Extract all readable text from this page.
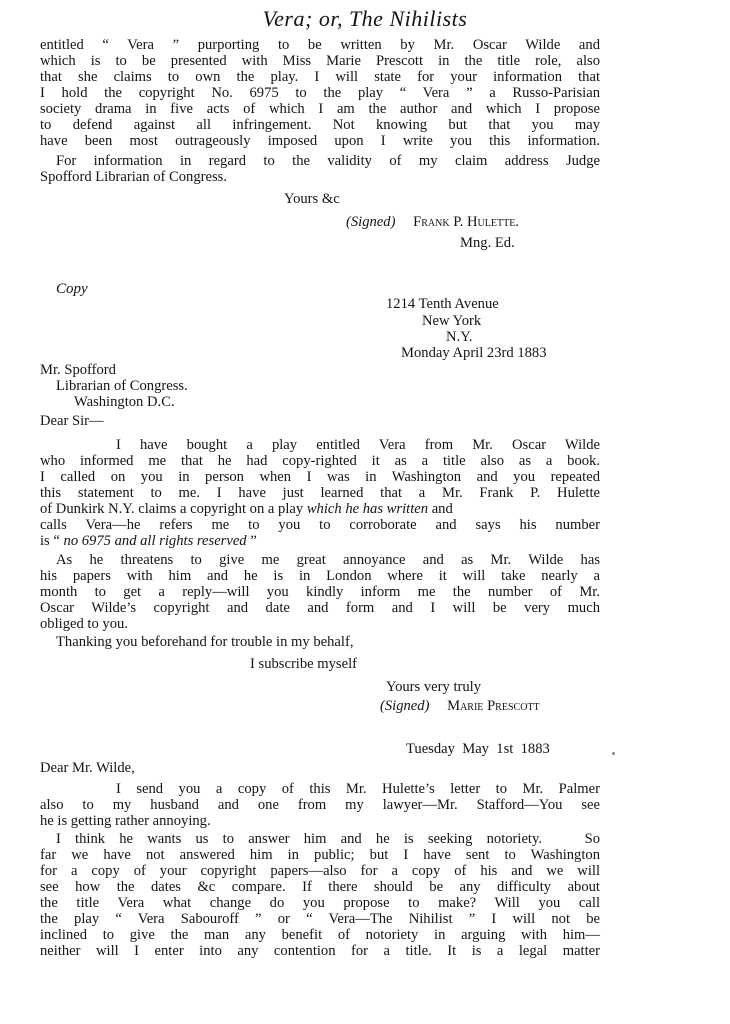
Vera; or, The Nihilists
entitled “ Vera ” purporting to be written by Mr. Oscar Wilde and
which is to be presented with Miss Marie Prescott in the title role, also
that she claims to own the play. I will state for your information that
I hold the copyright No. 6975 to the play “ Vera ” a Russo-Parisian
society drama in five acts of which I am the author and which I propose
to defend against all infringement. Not knowing but that you may
have been most outrageously imposed upon I write you this information.
For information in regard to the validity of my claim address Judge
Spofford Librarian of Congress.
Yours &c
(Signed) Frank P. Hulette.
Mng. Ed.
Copy
1214 Tenth Avenue
New York
N.Y.
Monday April 23rd 1883
Mr. Spofford
Librarian of Congress.
Washington D.C.
Dear Sir—
I have bought a play entitled Vera from Mr. Oscar Wilde
who informed me that he had copy-righted it as a title also as a book.
I called on you in person when I was in Washington and you repeated
this statement to me. I have just learned that a Mr. Frank P. Hulette
of Dunkirk N.Y. claims a copyright on a play which he has written and
calls Vera—he refers me to you to corroborate and says his number
is “ no 6975 and all rights reserved ”
As he threatens to give me great annoyance and as Mr. Wilde has
his papers with him and he is in London where it will take nearly a
month to get a reply—will you kindly inform me the number of Mr.
Oscar Wilde’s copyright and date and form and I will be very much
obliged to you.
Thanking you beforehand for trouble in my behalf,
I subscribe myself
Yours very truly
(Signed) Marie Prescott
Tuesday  May  1st  1883
Dear Mr. Wilde,
I send you a copy of this Mr. Hulette’s letter to Mr. Palmer
also to my husband and one from my lawyer—Mr. Stafford—You see
he is getting rather annoying.
I think he wants us to answer him and he is seeking notoriety.   So
far we have not answered him in public; but I have sent to Washington
for a copy of your copyright papers—also for a copy of his and we will
see how the dates &c compare. If there should be any difficulty about
the title Vera what change do you propose to make? Will you call
the play “ Vera Sabouroff ” or “ Vera—The Nihilist ” I will not be
inclined to give the man any benefit of notoriety in arguing with him—
neither will I enter into any contention for a title. It is a legal matter
